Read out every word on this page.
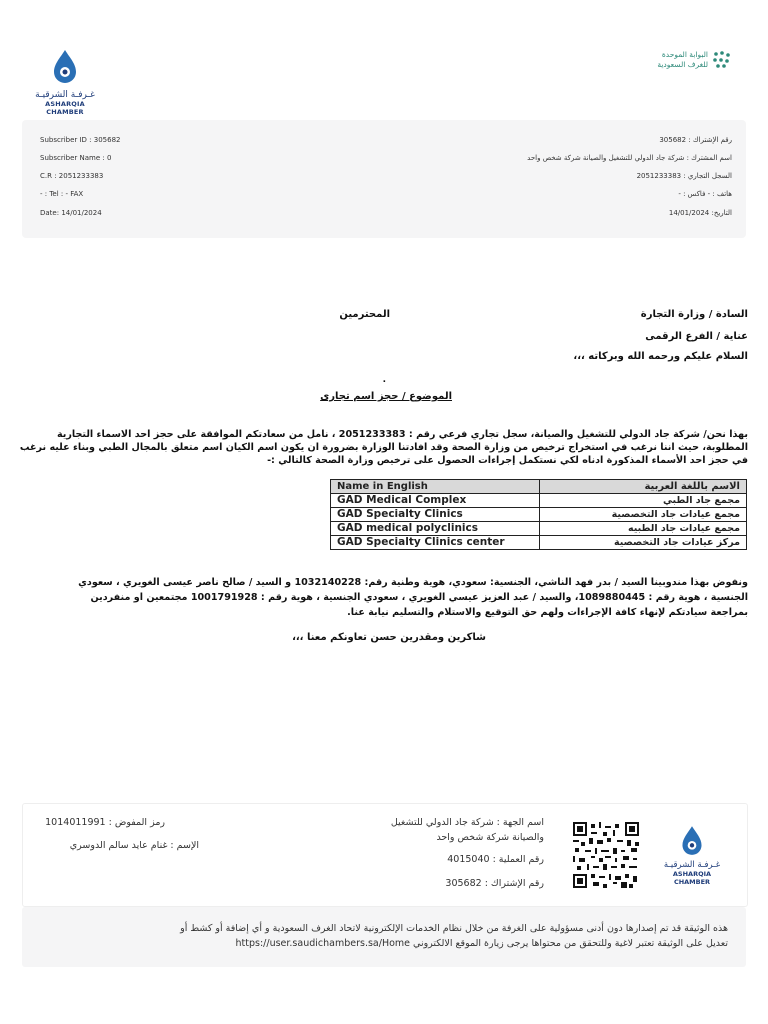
غـرفـة الشرقيـة
ASHARQIA CHAMBER
البوابة الموحدة
للغرف السعودية
Subscriber ID : 305682
Subscriber Name : 0
C.R : 2051233383
- : Tel : - FAX
Date: 14/01/2024
رقم الإشتراك : 305682
اسم المشترك : شركة جاد الدولي للتشغيل والصيانة شركة شخص واحد
السجل التجاري : 2051233383
هاتف : - فاكس : -
التاريخ: 14/01/2024
السادة / وزارة التجارة
المحترمين
عناية / الفرع الرقمى
السلام عليكم ورحمه الله وبركاته ،،،
.
الموضوع / حجز اسم تجارى
بهذا نحن/ شركة جاد الدولي للتشغيل والصيانة، سجل تجاري فرعي رقم : 2051233383 ، نامل من سعادتكم الموافقة على حجز احد الاسماء التجارية
المطلوبة، حيث اننا نرغب في استخراج ترخيص من وزارة الصحة وقد افادتنا الوزارة بضرورة ان يكون اسم الكيان اسم متعلق بالمجال الطبي وبناء عليه نرغب
في حجز احد الأسماء المذكورة ادناه لكي نستكمل إجراءات الحصول على ترخيص وزارة الصحة كالتالي :-
ونفوض بهذا مندوبينا السيد / بدر فهد الناشي، الجنسية: سعودي، هوية وطنية رقم: 1032140228 و السيد / صالح ناصر عيسى الغويري ، سعودي
الجنسية ، هوية رقم : 1089880445، والسيد / عبد العزيز عيسي الغويري ، سعودي الجنسية ، هوية رقم : 1001791928 مجتمعين او منفردين
بمراجعة سيادتكم لإنهاء كافة الإجراءات ولهم حق التوقيع والاستلام والتسليم نيابة عنا.
شاكرين ومقدرين حسن تعاونكم معنا ،،،
Name in English	الاسم باللغة العربية
GAD Medical Complex	مجمع جاد الطبي
GAD Specialty Clinics	مجمع عيادات جاد التخصصية
GAD medical polyclinics	مجمع عيادات جاد الطبيه
GAD Specialty Clinics center	مركز عيادات جاد التخصصية
رمز المفوض : 1014011991
الإسم : غنام عايد سالم الدوسري
اسم الجهة : شركة جاد الدولي للتشغيل
والصيانة شركة شخص واحد
رقم العملية : 4015040
رقم الإشتراك : 305682
غـرفـة الشرقيـة
ASHARQIA CHAMBER
هذه الوثيقة قد تم إصدارها دون أدنى مسؤولية على الغرفة من خلال نظام الخدمات الإلكترونية لاتحاد الغرف السعودية و أي إضافة أو كشط أو
تعديل على الوثيقة تعتبر لاغية وللتحقق من محتواها يرجى زيارة الموقع الالكتروني https://user.saudichambers.sa/Home
